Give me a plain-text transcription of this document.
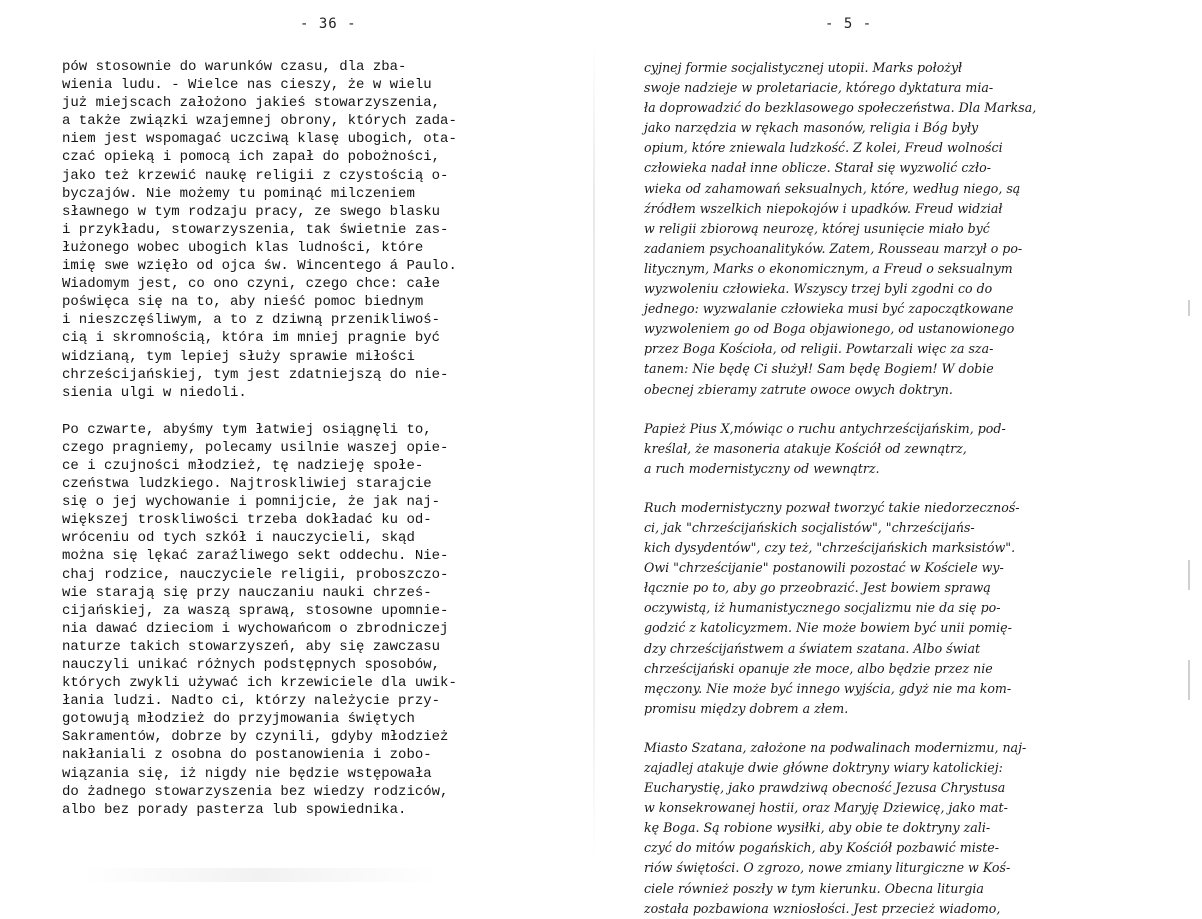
- 36 -

pów stosownie do warunków czasu, dla zba-
wienia ludu. - Wielce nas cieszy, że w wielu
już miejscach założono jakieś stowarzyszenia,
a także związki wzajemnej obrony, których zada-
niem jest wspomagać uczciwą klasę ubogich, ota-
czać opieką i pomocą ich zapał do pobożności,
jako też krzewić naukę religii z czystością o-
byczajów. Nie możemy tu pominąć milczeniem
sławnego w tym rodzaju pracy, ze swego blasku
i przykładu, stowarzyszenia, tak świetnie zas-
łużonego wobec ubogich klas ludności, które
imię swe wzięło od ojca św. Wincentego á Paulo.
Wiadomym jest, co ono czyni, czego chce: całe
poświęca się na to, aby nieść pomoc biednym
i nieszczęśliwym, a to z dziwną przenikliwoś-
cią i skromnością, która im mniej pragnie być
widzianą, tym lepiej służy sprawie miłości
chrześcijańskiej, tym jest zdatniejszą do nie-
sienia ulgi w niedoli.

Po czwarte, abyśmy tym łatwiej osiągnęli to,
czego pragniemy, polecamy usilnie waszej opie-
ce i czujności młodzież, tę nadzieję społe-
czeństwa ludzkiego. Najtroskliwiej starajcie
się o jej wychowanie i pomnijcie, że jak naj-
większej troskliwości trzeba dokładać ku od-
wróceniu od tych szkół i nauczycieli, skąd
można się lękać zaraźliwego sekt oddechu. Nie-
chaj rodzice, nauczyciele religii, proboszczo-
wie starają się przy nauczaniu nauki chrześ-
cijańskiej, za waszą sprawą, stosowne upomnie-
nia dawać dzieciom i wychowańcom o zbrodniczej
naturze takich stowarzyszeń, aby się zawczasu
nauczyli unikać różnych podstępnych sposobów,
których zwykli używać ich krzewiciele dla uwik-
łania ludzi. Nadto ci, którzy należycie przy-
gotowują młodzież do przyjmowania świętych
Sakramentów, dobrze by czynili, gdyby młodzież
nakłaniali z osobna do postanowienia i zobo-
wiązania się, iż nigdy nie będzie wstępowała
do żadnego stowarzyszenia bez wiedzy rodziców,
albo bez porady pasterza lub spowiednika.

- 5 -

cyjnej formie socjalistycznej utopii. Marks położył
swoje nadzieje w proletariacie, którego dyktatura mia-
ła doprowadzić do bezklasowego społeczeństwa. Dla Marksa,
jako narzędzia w rękach masonów, religia i Bóg były
opium, które zniewala ludzkość. Z kolei, Freud wolności
człowieka nadał inne oblicze. Starał się wyzwolić czło-
wieka od zahamowań seksualnych, które, według niego, są
źródłem wszelkich niepokojów i upadków. Freud widział
w religii zbiorową neurozę, której usunięcie miało być
zadaniem psychoanalityków. Zatem, Rousseau marzył o po-
litycznym, Marks o ekonomicznym, a Freud o seksualnym
wyzwoleniu człowieka. Wszyscy trzej byli zgodni co do
jednego: wyzwalanie człowieka musi być zapoczątkowane
wyzwoleniem go od Boga objawionego, od ustanowionego
przez Boga Kościoła, od religii. Powtarzali więc za sza-
tanem: Nie będę Ci służył! Sam będę Bogiem! W dobie
obecnej zbieramy zatrute owoce owych doktryn.

Papież Pius X,mówiąc o ruchu antychrześcijańskim, pod-
kreślał, że masoneria atakuje Kościół od zewnątrz,
a ruch modernistyczny od wewnątrz.

Ruch modernistyczny pozwał tworzyć takie niedorzecznoś-
ci, jak "chrześcijańskich socjalistów", "chrześcijańs-
kich dysydentów", czy też, "chrześcijańskich marksistów".
Owi "chrześcijanie" postanowili pozostać w Kościele wy-
łącznie po to, aby go przeobrazić. Jest bowiem sprawą
oczywistą, iż humanistycznego socjalizmu nie da się po-
godzić z katolicyzmem. Nie może bowiem być unii pomię-
dzy chrześcijaństwem a światem szatana. Albo świat
chrześcijański opanuje złe moce, albo będzie przez nie
męczony. Nie może być innego wyjścia, gdyż nie ma kom-
promisu między dobrem a złem.

Miasto Szatana, założone na podwalinach modernizmu, naj-
zajadlej atakuje dwie główne doktryny wiary katolickiej:
Eucharystię, jako prawdziwą obecność Jezusa Chrystusa
w konsekrowanej hostii, oraz Maryję Dziewicę, jako mat-
kę Boga. Są robione wysiłki, aby obie te doktryny zali-
czyć do mitów pogańskich, aby Kościół pozbawić miste-
riów świętości. O zgrozo, nowe zmiany liturgiczne w Koś-
ciele również poszły w tym kierunku. Obecna liturgia
została pozbawiona wzniosłości. Jest przecież wiadomo,
